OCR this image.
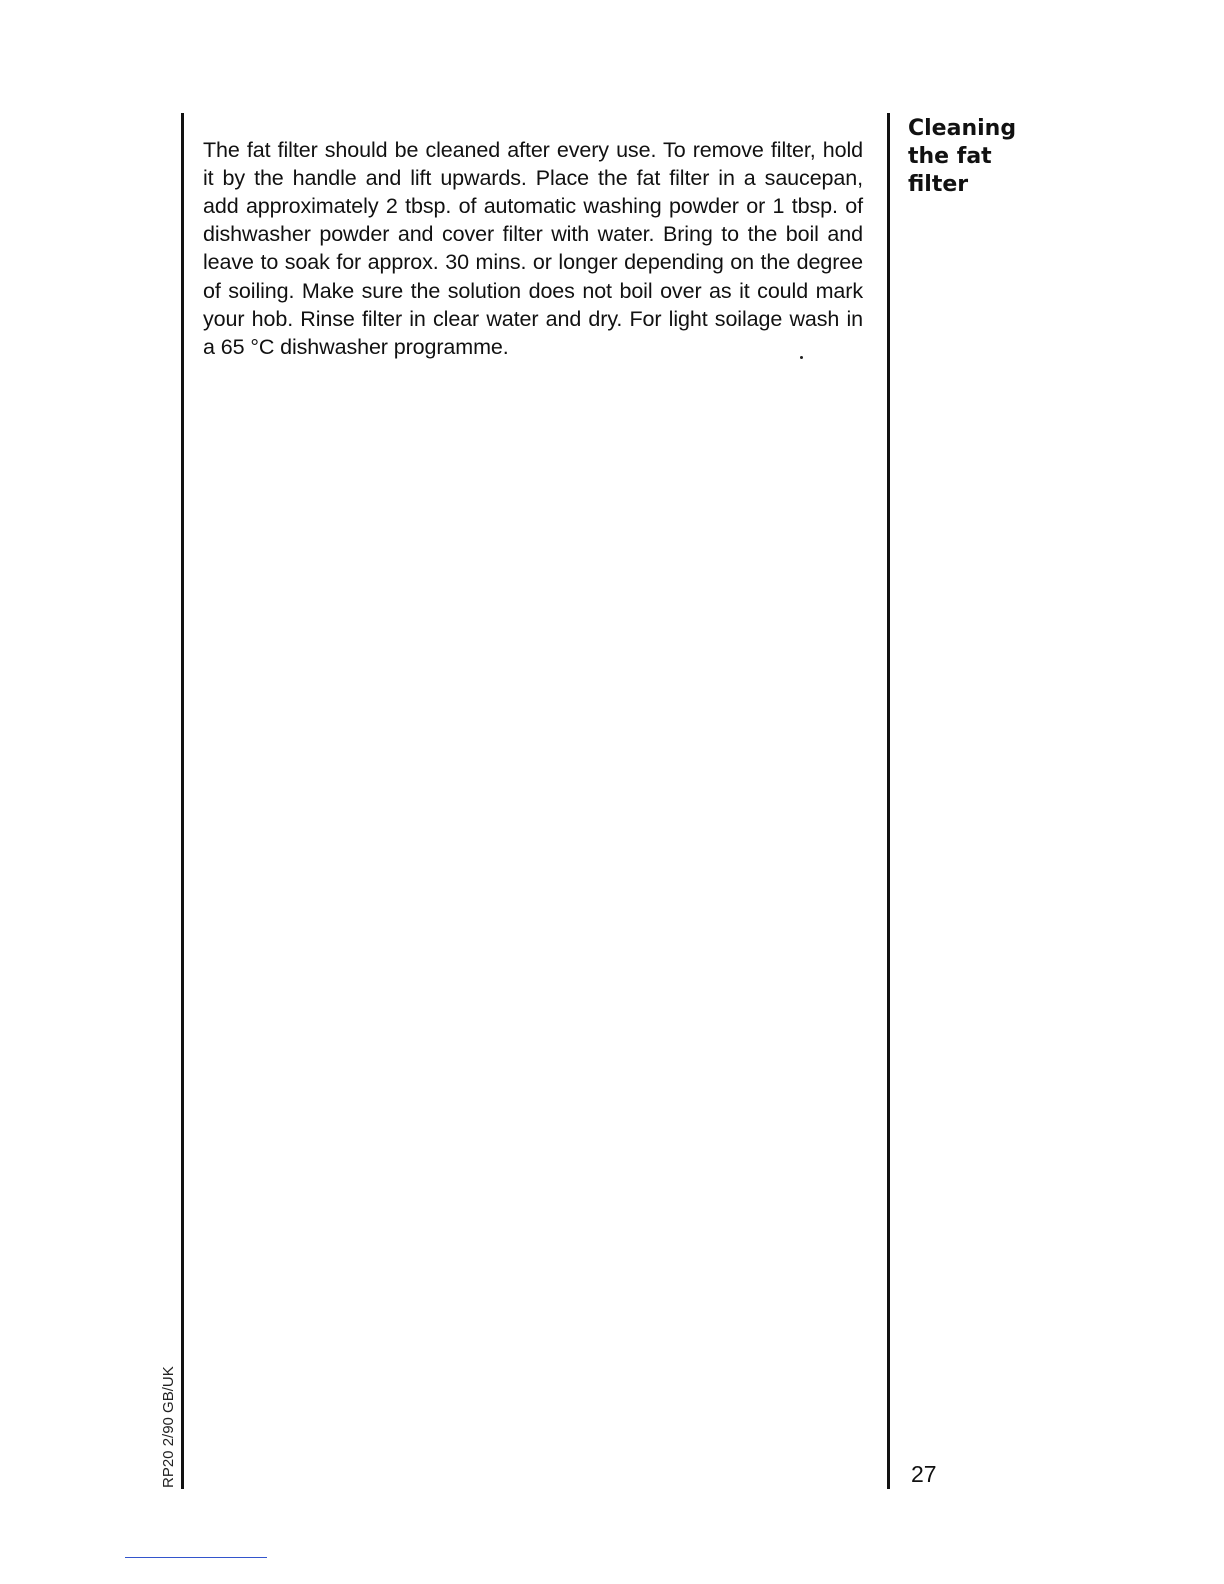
The fat filter should be cleaned after every use. To remove filter, hold it by the handle and lift upwards. Place the fat filter in a saucepan, add approximately 2 tbsp. of automatic washing powder or 1 tbsp. of dishwasher powder and cover filter with water. Bring to the boil and leave to soak for approx. 30 mins. or longer depending on the degree of soiling. Make sure the solution does not boil over as it could mark your hob. Rinse filter in clear water and dry. For light soilage wash in a 65 °C dishwasher programme.

Cleaning
the fat
filter
27
RP20 2/90 GB/UK
